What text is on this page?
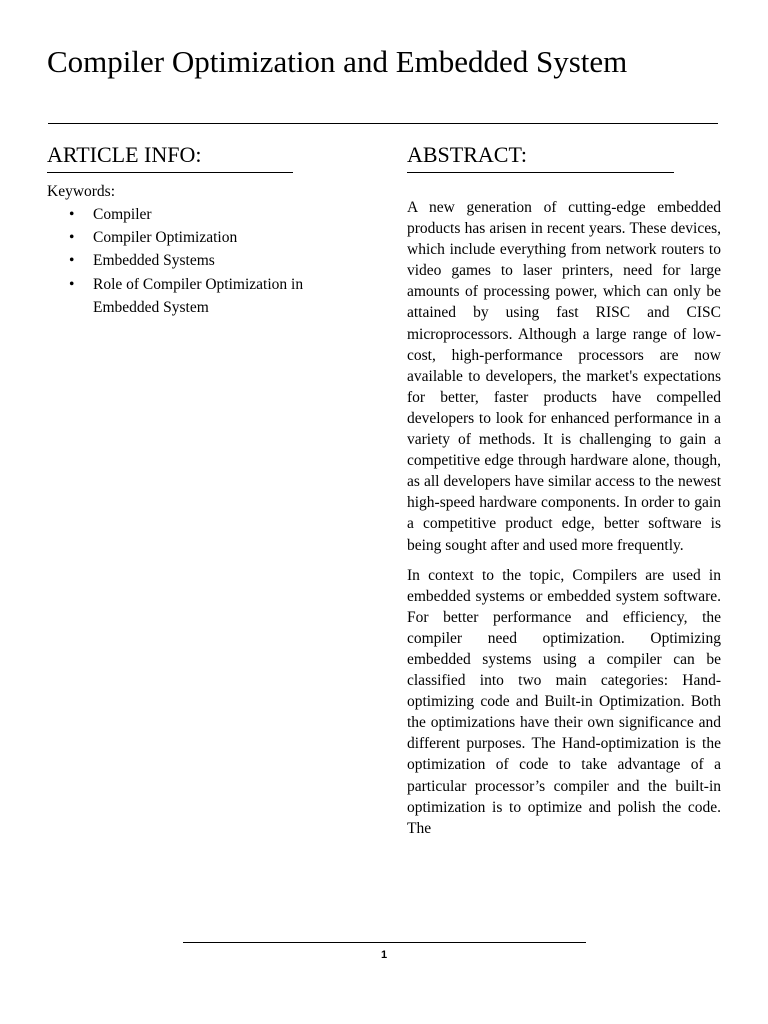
Compiler Optimization and Embedded System
ARTICLE INFO:
Keywords:
• Compiler
• Compiler Optimization
• Embedded Systems
• Role of Compiler Optimization in Embedded System
ABSTRACT:

A new generation of cutting-edge embedded products has arisen in recent years. These devices, which include everything from network routers to video games to laser printers, need for large amounts of processing power, which can only be attained by using fast RISC and CISC microprocessors. Although a large range of low-cost, high-performance processors are now available to developers, the market's expectations for better, faster products have compelled developers to look for enhanced performance in a variety of methods. It is challenging to gain a competitive edge through hardware alone, though, as all developers have similar access to the newest high-speed hardware components. In order to gain a competitive product edge, better software is being sought after and used more frequently.

In context to the topic, Compilers are used in embedded systems or embedded system software. For better performance and efficiency, the compiler need optimization. Optimizing embedded systems using a compiler can be classified into two main categories: Hand-optimizing code and Built-in Optimization. Both the optimizations have their own significance and different purposes. The Hand-optimization is the optimization of code to take advantage of a particular processor’s compiler and the built-in optimization is to optimize and polish the code. The

1
